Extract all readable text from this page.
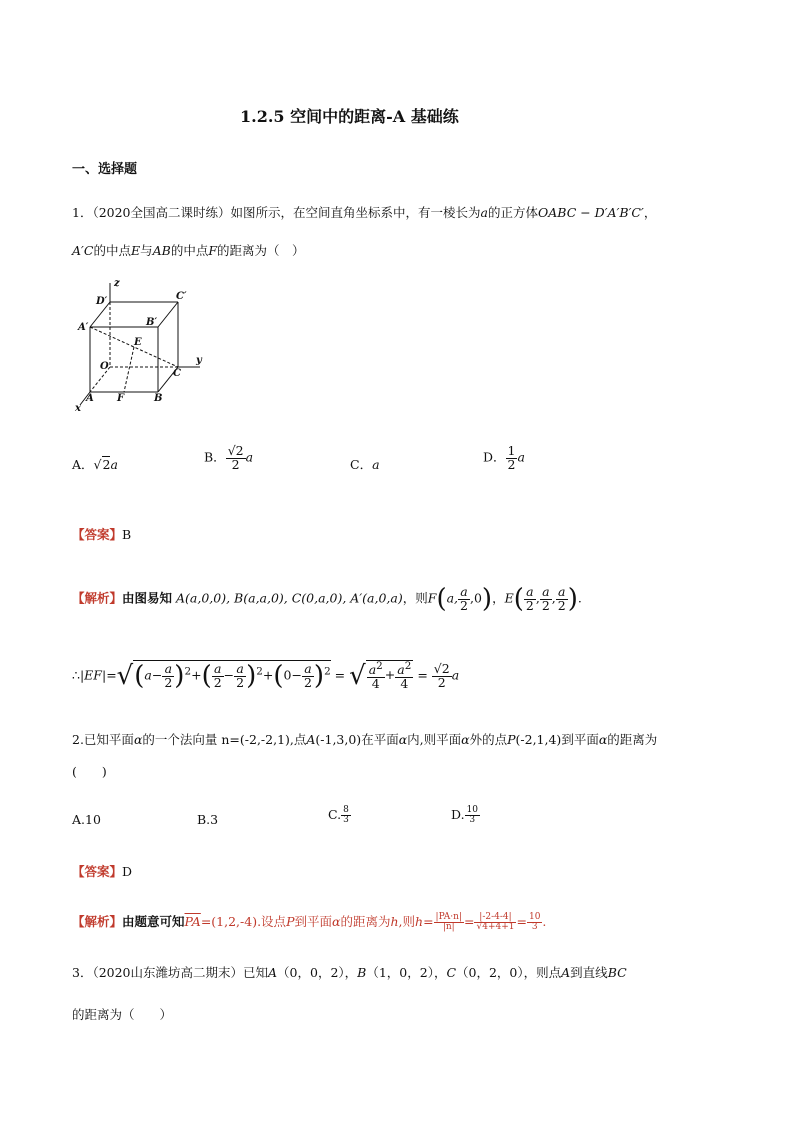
1.2.5 空间中的距离-A 基础练
一、选择题
1．（2020全国高二课时练）如图所示，在空间直角坐标系中，有一棱长为a的正方体OABC − D′A′B′C′，
A′C的中点E与AB的中点F的距离为（　）
z
y
x
D′	C′
A′	B′
E
O
C
A F	B
A．√2a	B． $\frac{√2}{2}$ a	C．a	D． $\frac{1}{2}$ a
【答案】B
【解析】由图易知 A(a,0,0), B(a,a,0), C(0,a,0), A′(a,0,a)，则F(a, $\frac{a}{2} ,0$)，$E( \frac{a}{2}$ , $\frac{a}{2}$ , $\frac{a}{2}$ ).
∴|EF|=√(a− $\frac{a}{2} )^2+( \frac{a}{2} - \frac{a}{2} )^2+(0- \frac{a}{2} )^2$ = √ $\frac{a^2}{4} + \frac{a^2}{4} = \frac{√2}{2}$ a
2.已知平面α的一个法向量 n=(-2,-2,1),点A(-1,3,0)在平面α内,则平面α外的点P(-2,1,4)到平面α的距离为
(　　)
A.10	B.3	C. $\frac{8}{3}$	D. $\frac{10}{3}$
【答案】D
【解析】由题意可知$\overline{PA}=(1,2,-4)$.设点P到平面α的距离为h,则$h= \frac{|PA\cdot n|}{|n|} = \frac{|-2-4-4|}{√4+4+1} = \frac{10}{3}$ .
3．（2020山东潍坊高二期末）已知A（0，0，2），B（1，0，2），C（0，2，0），则点A到直线BC
的距离为（　　）
